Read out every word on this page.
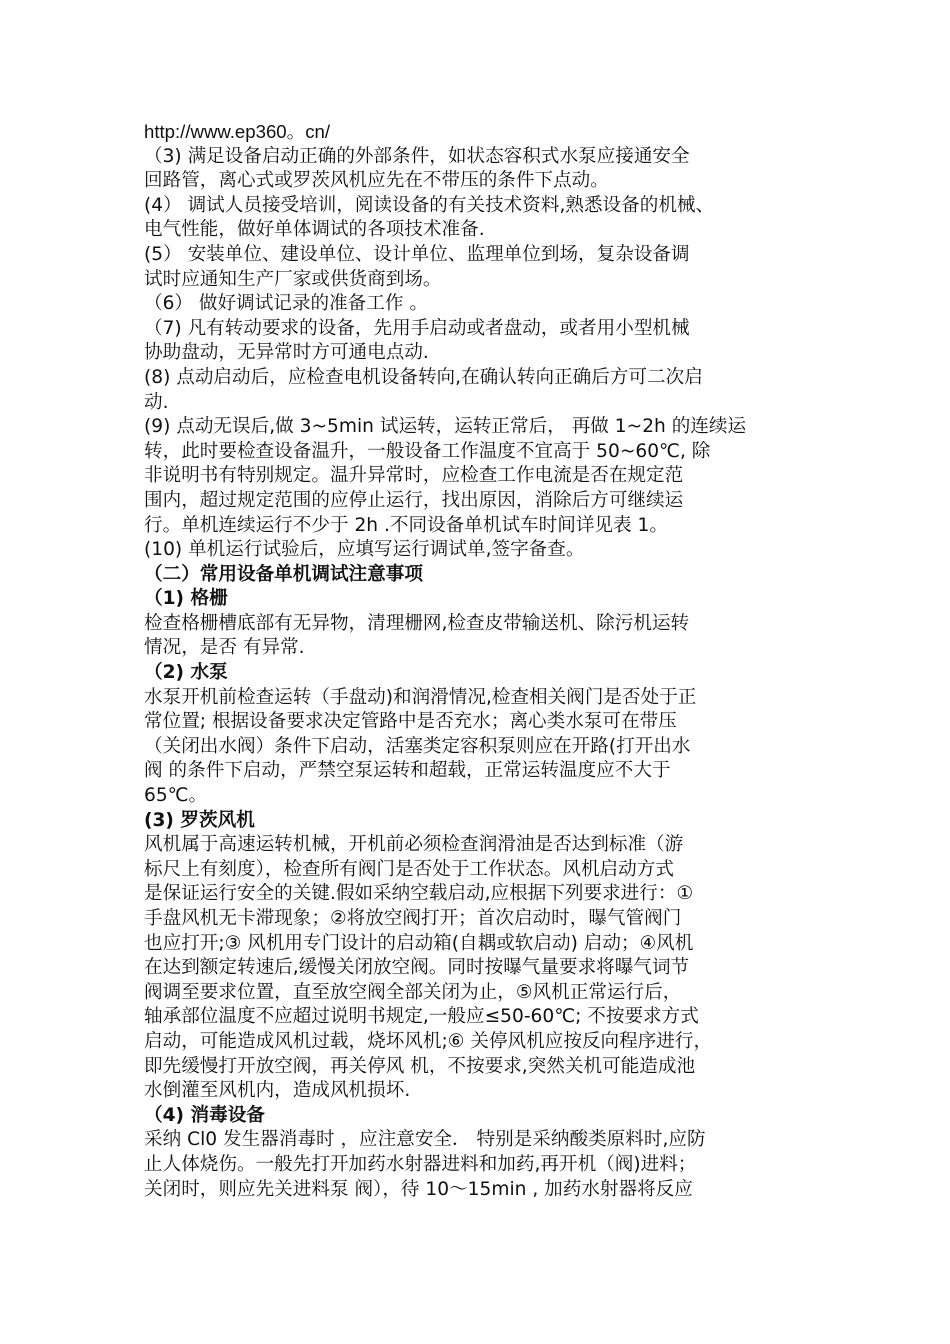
http://www.ep360。cn/
（3) 满足设备启动正确的外部条件，如状态容积式水泵应接通安全
回路管，离心式或罗茨风机应先在不带压的条件下点动。
(4） 调试人员接受培训，阅读设备的有关技术资料,熟悉设备的机械、
电气性能，做好单体调试的各项技术准备.
(5） 安装单位、建设单位、设计单位、监理单位到场，复杂设备调
试时应通知生产厂家或供货商到场。
（6） 做好调试记录的准备工作 。
（7) 凡有转动要求的设备，先用手启动或者盘动，或者用小型机械
协助盘动，无异常时方可通电点动.
(8) 点动启动后，应检查电机设备转向,在确认转向正确后方可二次启
动.
(9) 点动无误后,做 3~5min 试运转，运转正常后， 再做 1~2h 的连续运
转，此时要检查设备温升，一般设备工作温度不宜高于 50~60℃, 除
非说明书有特别规定。温升异常时，应检查工作电流是否在规定范
围内，超过规定范围的应停止运行，找出原因，消除后方可继续运
行。单机连续运行不少于 2h .不同设备单机试车时间详见表 1。
(10) 单机运行试验后，应填写运行调试单,签字备查。
（二）常用设备单机调试注意事项
（1) 格栅
检查格栅槽底部有无异物，清理栅网,检查皮带输送机、除污机运转
情况，是否 有异常.
（2) 水泵
水泵开机前检查运转（手盘动)和润滑情况,检查相关阀门是否处于正
常位置; 根据设备要求决定管路中是否充水；离心类水泵可在带压
（关闭出水阀）条件下启动，活塞类定容积泵则应在开路(打开出水
阀 的条件下启动，严禁空泵运转和超载，正常运转温度应不大于
65℃。
(3) 罗茨风机
风机属于高速运转机械，开机前必须检查润滑油是否达到标准（游
标尺上有刻度），检查所有阀门是否处于工作状态。风机启动方式
是保证运行安全的关键.假如采纳空载启动,应根据下列要求进行：①
手盘风机无卡滞现象；②将放空阀打开；首次启动时，曝气管阀门
也应打开;③ 风机用专门设计的启动箱(自耦或软启动) 启动；④风机
在达到额定转速后,缓慢关闭放空阀。同时按曝气量要求将曝气词节
阀调至要求位置，直至放空阀全部关闭为止，⑤风机正常运行后，
轴承部位温度不应超过说明书规定,一般应≤50-60℃; 不按要求方式
启动，可能造成风机过载，烧坏风机;⑥ 关停风机应按反向程序进行，
即先缓慢打开放空阀，再关停风 机，不按要求,突然关机可能造成池
水倒灌至风机内，造成风机损坏.
（4) 消毒设备
采纳 Cl0 发生器消毒时 ，应注意安全． 特别是采纳酸类原料时,应防
止人体烧伤。一般先打开加药水射器进料和加药,再开机（阀)进料；
关闭时，则应先关进料泵 阀），待 10～15min , 加药水射器将反应
